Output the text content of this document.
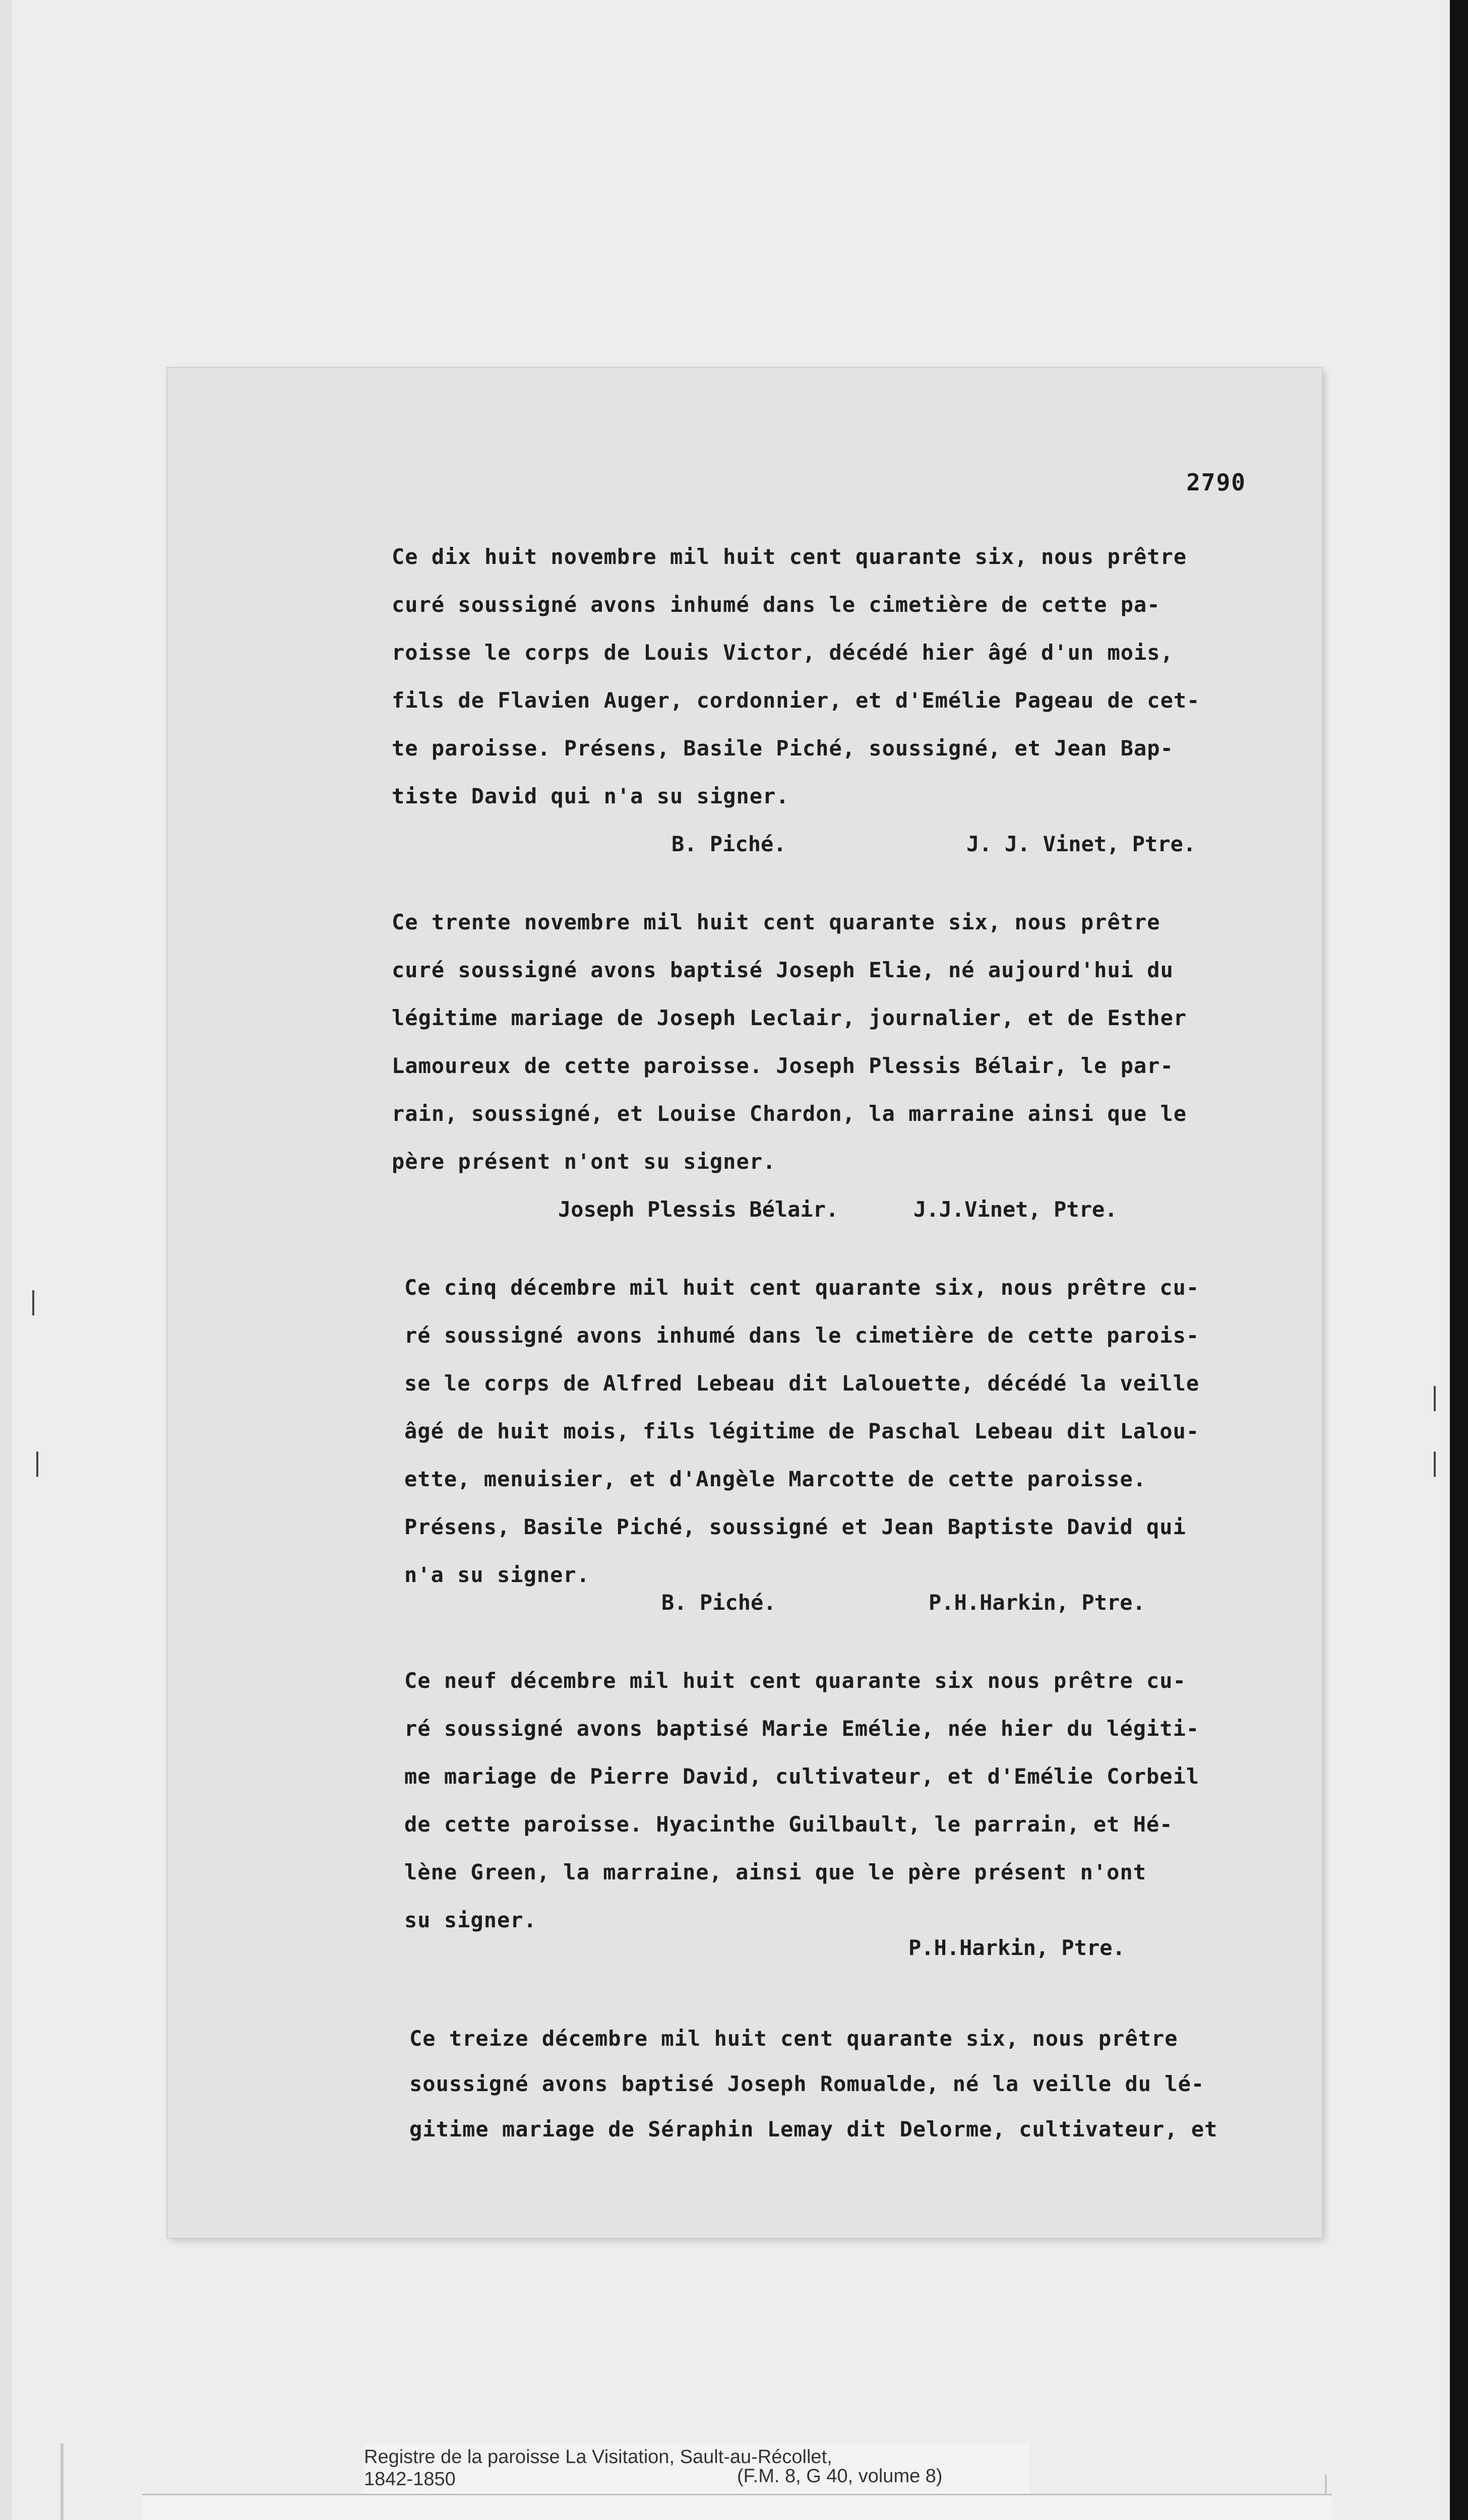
2790
Ce dix huit novembre mil huit cent quarante six, nous prêtre
curé soussigné avons inhumé dans le cimetière de cette pa-
roisse le corps de Louis Victor, décédé hier âgé d'un mois,
fils de Flavien Auger, cordonnier, et d'Emélie Pageau de cet-
te paroisse. Présens, Basile Piché, soussigné, et Jean Bap-
tiste David qui n'a su signer.
B. Piché.	J. J. Vinet, Ptre.
Ce trente novembre mil huit cent quarante six, nous prêtre
curé soussigné avons baptisé Joseph Elie, né aujourd'hui du
légitime mariage de Joseph Leclair, journalier, et de Esther
Lamoureux de cette paroisse. Joseph Plessis Bélair, le par-
rain, soussigné, et Louise Chardon, la marraine ainsi que le
père présent n'ont su signer.
Joseph Plessis Bélair.	J.J.Vinet, Ptre.
Ce cinq décembre mil huit cent quarante six, nous prêtre cu-
ré soussigné avons inhumé dans le cimetière de cette parois-
se le corps de Alfred Lebeau dit Lalouette, décédé la veille
âgé de huit mois, fils légitime de Paschal Lebeau dit Lalou-
ette, menuisier, et d'Angèle Marcotte de cette paroisse.
Présens, Basile Piché, soussigné et Jean Baptiste David qui
n'a su signer.
B. Piché.	P.H.Harkin, Ptre.
Ce neuf décembre mil huit cent quarante six nous prêtre cu-
ré soussigné avons baptisé Marie Emélie, née hier du légiti-
me mariage de Pierre David, cultivateur, et d'Emélie Corbeil
de cette paroisse. Hyacinthe Guilbault, le parrain, et Hé-
lène Green, la marraine, ainsi que le père présent n'ont
su signer.
P.H.Harkin, Ptre.
Ce treize décembre mil huit cent quarante six, nous prêtre
soussigné avons baptisé Joseph Romualde, né la veille du lé-
gitime mariage de Séraphin Lemay dit Delorme, cultivateur, et
Registre de la paroisse La Visitation, Sault-au-Récollet,
1842-1850	(F.M. 8, G 40, volume 8)
